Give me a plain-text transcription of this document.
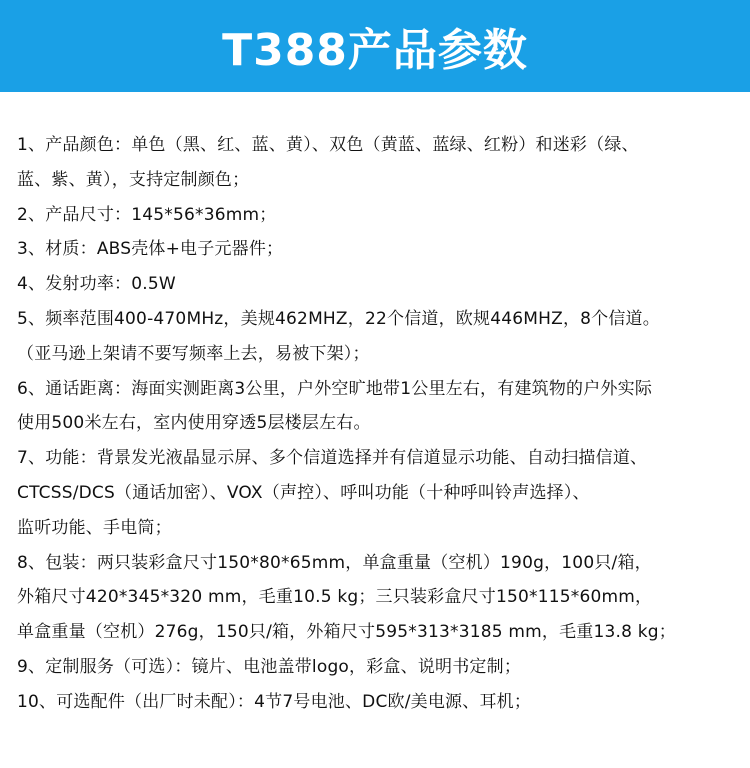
T388产品参数
1、产品颜色：单色（黑、红、蓝、黄）、双色（黄蓝、蓝绿、红粉）和迷彩（绿、
蓝、紫、黄），支持定制颜色；
2、产品尺寸：145*56*36mm；
3、材质：ABS壳体+电子元器件；
4、发射功率：0.5W
5、频率范围400-470MHz，美规462MHZ，22个信道，欧规446MHZ，8个信道。
（亚马逊上架请不要写频率上去，易被下架）；
6、通话距离：海面实测距离3公里，户外空旷地带1公里左右，有建筑物的户外实际
使用500米左右，室内使用穿透5层楼层左右。
7、功能：背景发光液晶显示屏、多个信道选择并有信道显示功能、自动扫描信道、
CTCSS/DCS（通话加密）、VOX（声控）、呼叫功能（十种呼叫铃声选择）、
监听功能、手电筒；
8、包装：两只装彩盒尺寸150*80*65mm，单盒重量（空机）190g，100只/箱，
外箱尺寸420*345*320 mm，毛重10.5 kg；三只装彩盒尺寸150*115*60mm，
单盒重量（空机）276g，150只/箱，外箱尺寸595*313*3185 mm，毛重13.8 kg；
9、定制服务（可选）：镜片、电池盖带logo，彩盒、说明书定制；
10、可选配件（出厂时未配）：4节7号电池、DC欧/美电源、耳机；
